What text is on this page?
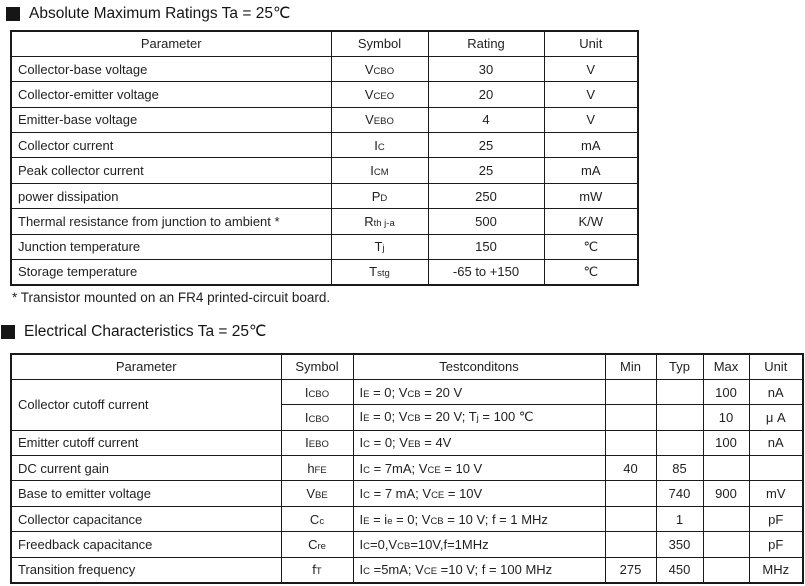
Absolute Maximum Ratings Ta = 25℃
Parameter	Symbol	Rating	Unit
Collector-base voltage	VCBO	30	V
Collector-emitter voltage	VCEO	20	V
Emitter-base voltage	VEBO	4	V
Collector current	IC	25	mA
Peak collector current	ICM	25	mA
power dissipation	PD	250	mW
Thermal resistance from junction to ambient *	Rth j-a	500	K/W
Junction temperature	Tj	150	℃
Storage temperature	Tstg	-65 to +150	℃
* Transistor mounted on an FR4 printed-circuit board.
Electrical Characteristics Ta = 25℃
Parameter	Symbol	Testconditons	Min	Typ	Max	Unit
Collector cutoff current	ICBO	IE = 0; VCB = 20 V			100	nA
	ICBO	IE = 0; VCB = 20 V; Tj = 100 ℃			10	μ A
Emitter cutoff current	IEBO	IC = 0; VEB = 4V			100	nA
DC current gain	hFE	IC = 7mA; VCE = 10 V	40	85		
Base to emitter voltage	VBE	IC = 7 mA; VCE = 10V		740	900	mV
Collector capacitance	Cc	IE = ie = 0; VCB = 10 V; f = 1 MHz		1		pF
Freedback capacitance	Cre	IC=0,VCB=10V,f=1MHz		350		pF
Transition frequency	fT	IC =5mA; VCE =10 V; f = 100 MHz	275	450		MHz
